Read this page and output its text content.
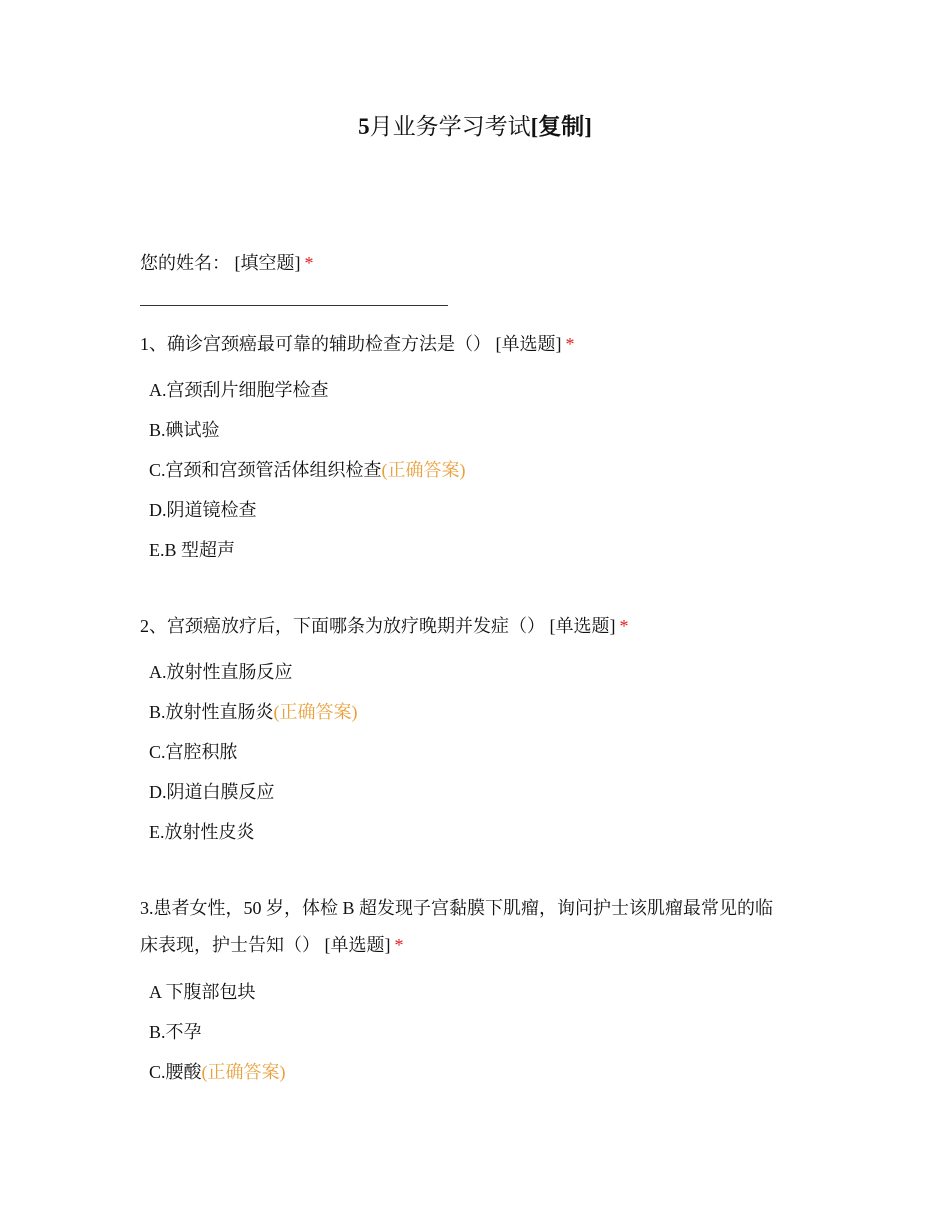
5月业务学习考试[复制]
您的姓名： [填空题] *
1、确诊宫颈癌最可靠的辅助检查方法是（） [单选题] *
A.宫颈刮片细胞学检查
B.碘试验
C.宫颈和宫颈管活体组织检查(正确答案)
D.阴道镜检查
E.B 型超声
2、宫颈癌放疗后，下面哪条为放疗晚期并发症（） [单选题] *
A.放射性直肠反应
B.放射性直肠炎(正确答案)
C.宫腔积脓
D.阴道白膜反应
E.放射性皮炎
3.患者女性，50 岁，体检 B 超发现子宫黏膜下肌瘤，询问护士该肌瘤最常见的临
床表现，护士告知（） [单选题] *
A 下腹部包块
B.不孕
C.腰酸(正确答案)
